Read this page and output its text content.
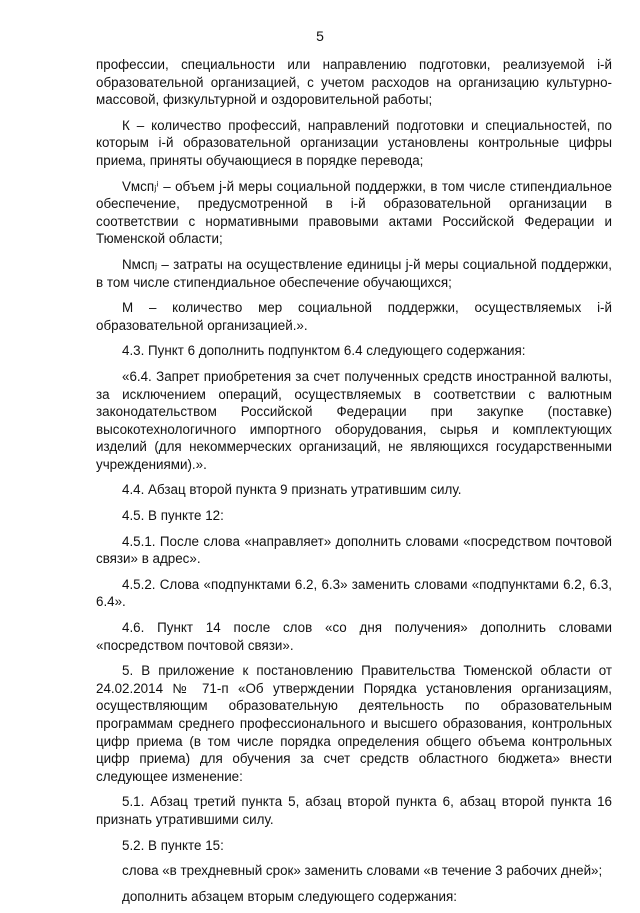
5

профессии, специальности или направлению подготовки, реализуемой i-й образовательной организацией, с учетом расходов на организацию культурно-массовой, физкультурной и оздоровительной работы;

К – количество профессий, направлений подготовки и специальностей, по которым i-й образовательной организации установлены контрольные цифры приема, приняты обучающиеся в порядке перевода;

Vмспⱼⁱ – объем j-й меры социальной поддержки, в том числе стипендиальное обеспечение, предусмотренной в i-й образовательной организации в соответствии с нормативными правовыми актами Российской Федерации и Тюменской области;

Nмспⱼ – затраты на осуществление единицы j-й меры социальной поддержки, в том числе стипендиальное обеспечение обучающихся;

М – количество мер социальной поддержки, осуществляемых i-й образовательной организацией.».

4.3. Пункт 6 дополнить подпунктом 6.4 следующего содержания:

«6.4. Запрет приобретения за счет полученных средств иностранной валюты, за исключением операций, осуществляемых в соответствии с валютным законодательством Российской Федерации при закупке (поставке) высокотехнологичного импортного оборудования, сырья и комплектующих изделий (для некоммерческих организаций, не являющихся государственными учреждениями).».

4.4. Абзац второй пункта 9 признать утратившим силу.

4.5. В пункте 12:

4.5.1. После слова «направляет» дополнить словами «посредством почтовой связи» в адрес».

4.5.2. Слова «подпунктами 6.2, 6.3» заменить словами «подпунктами 6.2, 6.3, 6.4».

4.6. Пункт 14 после слов «со дня получения» дополнить словами «посредством почтовой связи».

5. В приложение к постановлению Правительства Тюменской области от 24.02.2014 № 71-п «Об утверждении Порядка установления организациям, осуществляющим образовательную деятельность по образовательным программам среднего профессионального и высшего образования, контрольных цифр приема (в том числе порядка определения общего объема контрольных цифр приема) для обучения за счет средств областного бюджета» внести следующее изменение:

5.1. Абзац третий пункта 5, абзац второй пункта 6, абзац второй пункта 16 признать утратившими силу.

5.2. В пункте 15:

слова «в трехдневный срок» заменить словами «в течение 3 рабочих дней»;

дополнить абзацем вторым следующего содержания:
